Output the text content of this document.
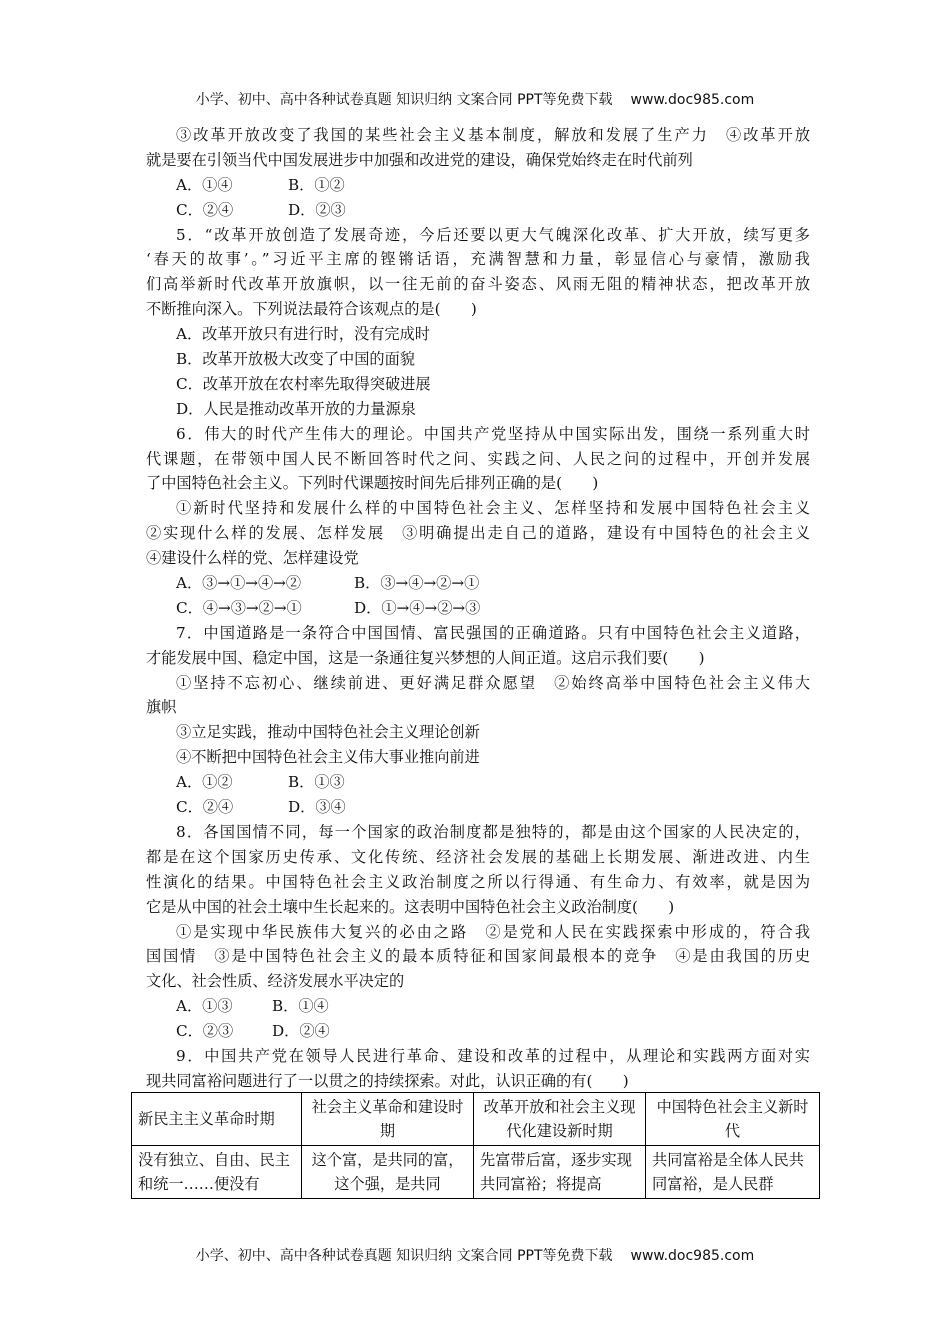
小学、初中、高中各种试卷真题 知识归纳 文案合同 PPT等免费下载 www.doc985.com
③改革开放改变了我国的某些社会主义基本制度，解放和发展了生产力　④改革开放
就是要在引领当代中国发展进步中加强和改进党的建设，确保党始终走在时代前列
A．①④	B．①②
C．②④	D．②③
5．“改革开放创造了发展奇迹，今后还要以更大气魄深化改革、扩大开放，续写更多
‘春天的故事’。”习近平主席的铿锵话语，充满智慧和力量，彰显信心与豪情，激励我
们高举新时代改革开放旗帜，以一往无前的奋斗姿态、风雨无阻的精神状态，把改革开放
不断推向深入。下列说法最符合该观点的是(　　)
A．改革开放只有进行时，没有完成时
B．改革开放极大改变了中国的面貌
C．改革开放在农村率先取得突破进展
D．人民是推动改革开放的力量源泉
6．伟大的时代产生伟大的理论。中国共产党坚持从中国实际出发，围绕一系列重大时
代课题，在带领中国人民不断回答时代之问、实践之问、人民之问的过程中，开创并发展
了中国特色社会主义。下列时代课题按时间先后排列正确的是(　　)
①新时代坚持和发展什么样的中国特色社会主义、怎样坚持和发展中国特色社会主义
②实现什么样的发展、怎样发展　③明确提出走自己的道路，建设有中国特色的社会主义
④建设什么样的党、怎样建设党
A．③→①→④→②	B．③→④→②→①
C．④→③→②→①	D．①→④→②→③
7．中国道路是一条符合中国国情、富民强国的正确道路。只有中国特色社会主义道路，
才能发展中国、稳定中国，这是一条通往复兴梦想的人间正道。这启示我们要(　　)
①坚持不忘初心、继续前进、更好满足群众愿望　②始终高举中国特色社会主义伟大
旗帜
③立足实践，推动中国特色社会主义理论创新
④不断把中国特色社会主义伟大事业推向前进
A．①②	B．①③
C．②④	D．③④
8．各国国情不同，每一个国家的政治制度都是独特的，都是由这个国家的人民决定的，
都是在这个国家历史传承、文化传统、经济社会发展的基础上长期发展、渐进改进、内生
性演化的结果。中国特色社会主义政治制度之所以行得通、有生命力、有效率，就是因为
它是从中国的社会土壤中生长起来的。这表明中国特色社会主义政治制度(　　)
①是实现中华民族伟大复兴的必由之路　②是党和人民在实践探索中形成的，符合我
国国情　③是中国特色社会主义的最本质特征和国家间最根本的竞争　④是由我国的历史
文化、社会性质、经济发展水平决定的
A．①③	B．①④
C．②③	D．②④
9．中国共产党在领导人民进行革命、建设和改革的过程中，从理论和实践两方面对实
现共同富裕问题进行了一以贯之的持续探索。对此，认识正确的有(　　)
新民主主义革命时期	社会主义革命和建设时期	改革开放和社会主义现代化建设新时期	中国特色社会主义新时代
没有独立、自由、民主和统一……便没有	这个富，是共同的富，这个强，是共同	先富带后富，逐步实现共同富裕；将提高	共同富裕是全体人民共同富裕，是人民群
小学、初中、高中各种试卷真题 知识归纳 文案合同 PPT等免费下载 www.doc985.com
